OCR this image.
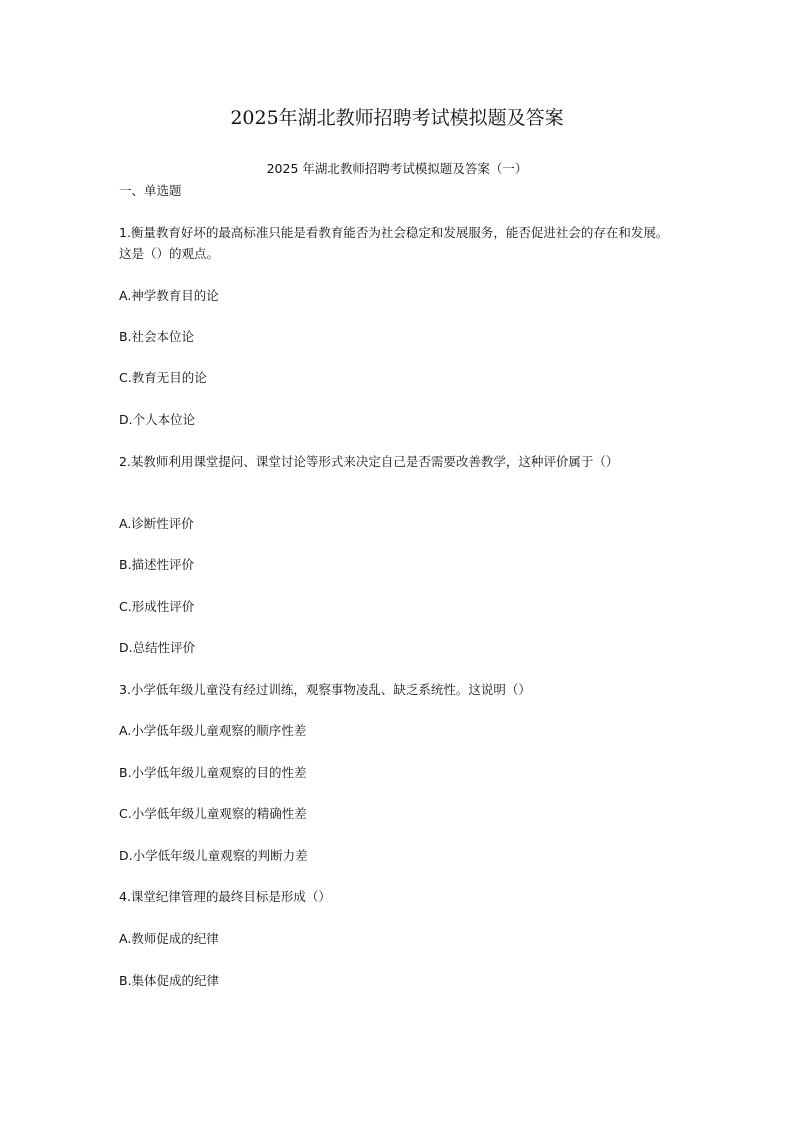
2025年湖北教师招聘考试模拟题及答案
2025 年湖北教师招聘考试模拟题及答案（一）
一、单选题
1.衡量教育好坏的最高标准只能是看教育能否为社会稳定和发展服务，能否促进社会的存在和发展。这是（）的观点。
A.神学教育目的论
B.社会本位论
C.教育无目的论
D.个人本位论
2.某教师利用课堂提问、课堂讨论等形式来决定自己是否需要改善教学，这种评价属于（）
A.诊断性评价
B.描述性评价
C.形成性评价
D.总结性评价
3.小学低年级儿童没有经过训练，观察事物凌乱、缺乏系统性。这说明（）
A.小学低年级儿童观察的顺序性差
B.小学低年级儿童观察的目的性差
C.小学低年级儿童观察的精确性差
D.小学低年级儿童观察的判断力差
4.课堂纪律管理的最终目标是形成（）
A.教师促成的纪律
B.集体促成的纪律
